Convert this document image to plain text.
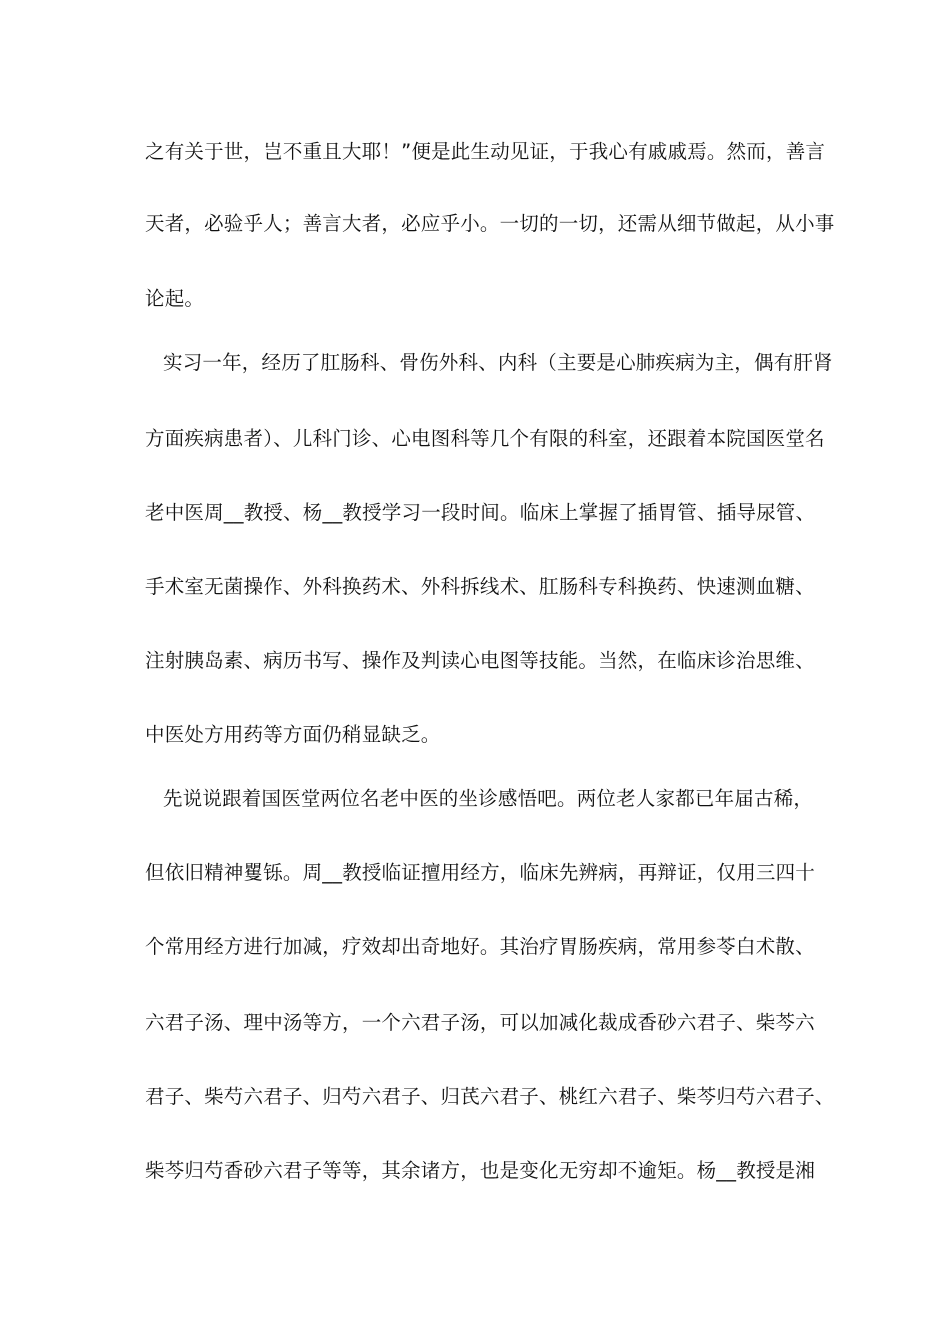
之有关于世，岂不重且大耶！”便是此生动见证，于我心有戚戚焉。然而，善言
天者，必验乎人；善言大者，必应乎小。一切的一切，还需从细节做起，从小事
论起。
实习一年，经历了肛肠科、骨伤外科、内科（主要是心肺疾病为主，偶有肝肾
方面疾病患者）、儿科门诊、心电图科等几个有限的科室，还跟着本院国医堂名
老中医周__教授、杨__教授学习一段时间。临床上掌握了插胃管、插导尿管、
手术室无菌操作、外科换药术、外科拆线术、肛肠科专科换药、快速测血糖、
注射胰岛素、病历书写、操作及判读心电图等技能。当然，在临床诊治思维、
中医处方用药等方面仍稍显缺乏。
先说说跟着国医堂两位名老中医的坐诊感悟吧。两位老人家都已年届古稀，
但依旧精神矍铄。周__教授临证擅用经方，临床先辨病，再辩证，仅用三四十
个常用经方进行加减，疗效却出奇地好。其治疗胃肠疾病，常用参苓白术散、
六君子汤、理中汤等方，一个六君子汤，可以加减化裁成香砂六君子、柴芩六
君子、柴芍六君子、归芍六君子、归芪六君子、桃红六君子、柴芩归芍六君子、
柴芩归芍香砂六君子等等，其余诸方，也是变化无穷却不逾矩。杨__教授是湘
